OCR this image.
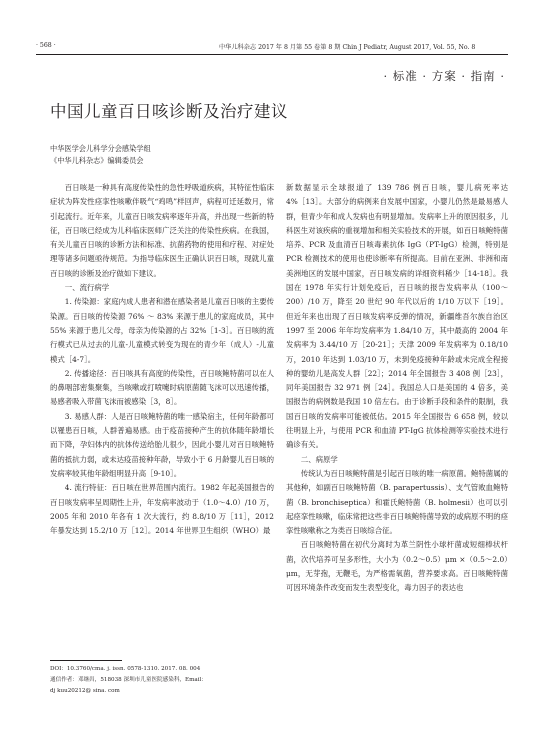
· 568 ·	中华儿科杂志 2017 年 8 月第 55 卷第 8 期 Chin J Pediatr, August 2017, Vol. 55, No. 8
· 标准 · 方案 · 指南 ·
中国儿童百日咳诊断及治疗建议
中华医学会儿科学分会感染学组
《中华儿科杂志》编辑委员会

百日咳是一种具有高度传染性的急性呼吸道疾病，其特征性临床症状为阵发性痉挛性咳嗽伴吸气“鸡鸣”样回声，病程可迁延数月，常引起流行。近年来，儿童百日咳发病率逐年升高，并出现一些新的特征，百日咳已经成为儿科临床医师广泛关注的传染性疾病。在我国，有关儿童百日咳的诊断方法和标准、抗菌药物的使用和疗程、对症处理等诸多问题亟待规范。为指导临床医生正确认识百日咳，现就儿童百日咳的诊断及治疗做如下建议。

一、流行病学

1. 传染源：家庭内成人患者和潜在感染者是儿童百日咳的主要传染源。百日咳的传染源 76% ～ 83% 来源于患儿的家庭成员，其中 55% 来源于患儿父母，母亲为传染源的占 32%［1-3］。百日咳的流行模式已从过去的儿童-儿童模式转变为现在的青少年（成人）-儿童模式［4-7］。

2. 传播途径：百日咳具有高度的传染性，百日咳鲍特菌可以在人的鼻咽部密集聚集，当咳嗽或打喷嚏时病原菌随飞沫可以迅速传播，易感者吸入带菌飞沫而被感染［3，8］。

3. 易感人群：人是百日咳鲍特菌的唯一感染宿主，任何年龄都可以罹患百日咳，人群普遍易感。由于疫苗接种产生的抗体随年龄增长而下降，孕妇体内的抗体传送给胎儿很少，因此小婴儿对百日咳鲍特菌的抵抗力弱，或未达疫苗接种年龄，导致小于 6 月龄婴儿百日咳的发病率较其他年龄组明显升高［9-10］。

4. 流行特征：百日咳在世界范围内流行。1982 年起美国报告的百日咳发病率呈周期性上升，年发病率波动于（1.0～4.0）/10 万，2005 年和 2010 年各有 1 次大流行，约 8.8/10 万［11］，2012 年暴发达到 15.2/10 万［12］。2014 年世界卫生组织（WHO）最

新数据显示全球报道了 139 786 例百日咳，婴儿病死率达 4%［13］。大部分的病例来自发展中国家，小婴儿仍然是最易感人群，但青少年和成人发病也有明显增加。发病率上升的原因很多，儿科医生对该疾病的重视增加和相关实验技术的开展，如百日咳鲍特菌培养、PCR 及血清百日咳毒素抗体 IgG（PT-IgG）检测，特别是 PCR 检测技术的使用也使诊断率有所提高。目前在亚洲、非洲和南美洲地区的发展中国家，百日咳发病的详细资料稀少［14-18］。我国在 1978 年实行计划免疫后，百日咳的报告发病率从（100～200）/10 万，降至 20 世纪 90 年代以后的 1/10 万以下［19］。但近年来也出现了百日咳发病率反弹的情况，新疆维吾尔族自治区 1997 至 2006 年年均发病率为 1.84/10 万，其中最高的 2004 年发病率为 3.44/10 万［20-21］；天津 2009 年发病率为 0.18/10 万，2010 年达到 1.03/10 万，未到免疫接种年龄或未完成全程接种的婴幼儿是高发人群［22］；2014 年全国报告 3 408 例［23］，同年美国报告 32 971 例［24］。我国总人口是美国的 4 倍多，美国报告的病例数是我国 10 倍左右。由于诊断手段和条件的限制，我国百日咳的发病率可能被低估。2015 年全国报告 6 658 例，较以往明显上升，与使用 PCR 和血清 PT-IgG 抗体检测等实验技术进行确诊有关。

二、病原学

传统认为百日咳鲍特菌是引起百日咳的唯一病原菌。鲍特菌属的其他种，如副百日咳鲍特菌（B. parapertussis）、支气管败血鲍特菌（B. bronchiseptica）和霍氏鲍特菌（B. holmesii）也可以引起痉挛性咳嗽，临床常把这些非百日咳鲍特菌导致的或病原不明的痉挛性咳嗽称之为类百日咳综合征。

百日咳鲍特菌在初代分离时为革兰阴性小球杆菌或短细棒状杆菌，次代培养可呈多形性，大小为（0.2～0.5）μm ×（0.5～2.0）μm，无芽孢，无鞭毛，为严格需氧菌，营养要求高。百日咳鲍特菌可因环境条件改变而发生表型变化，毒力因子的表达也

DOI：10.3760/cma. j. issn. 0578-1310. 2017. 08. 004
通信作者：邓继岿，518038 深圳市儿童医院感染科，Email：
dj kuu20212@ sina. com
